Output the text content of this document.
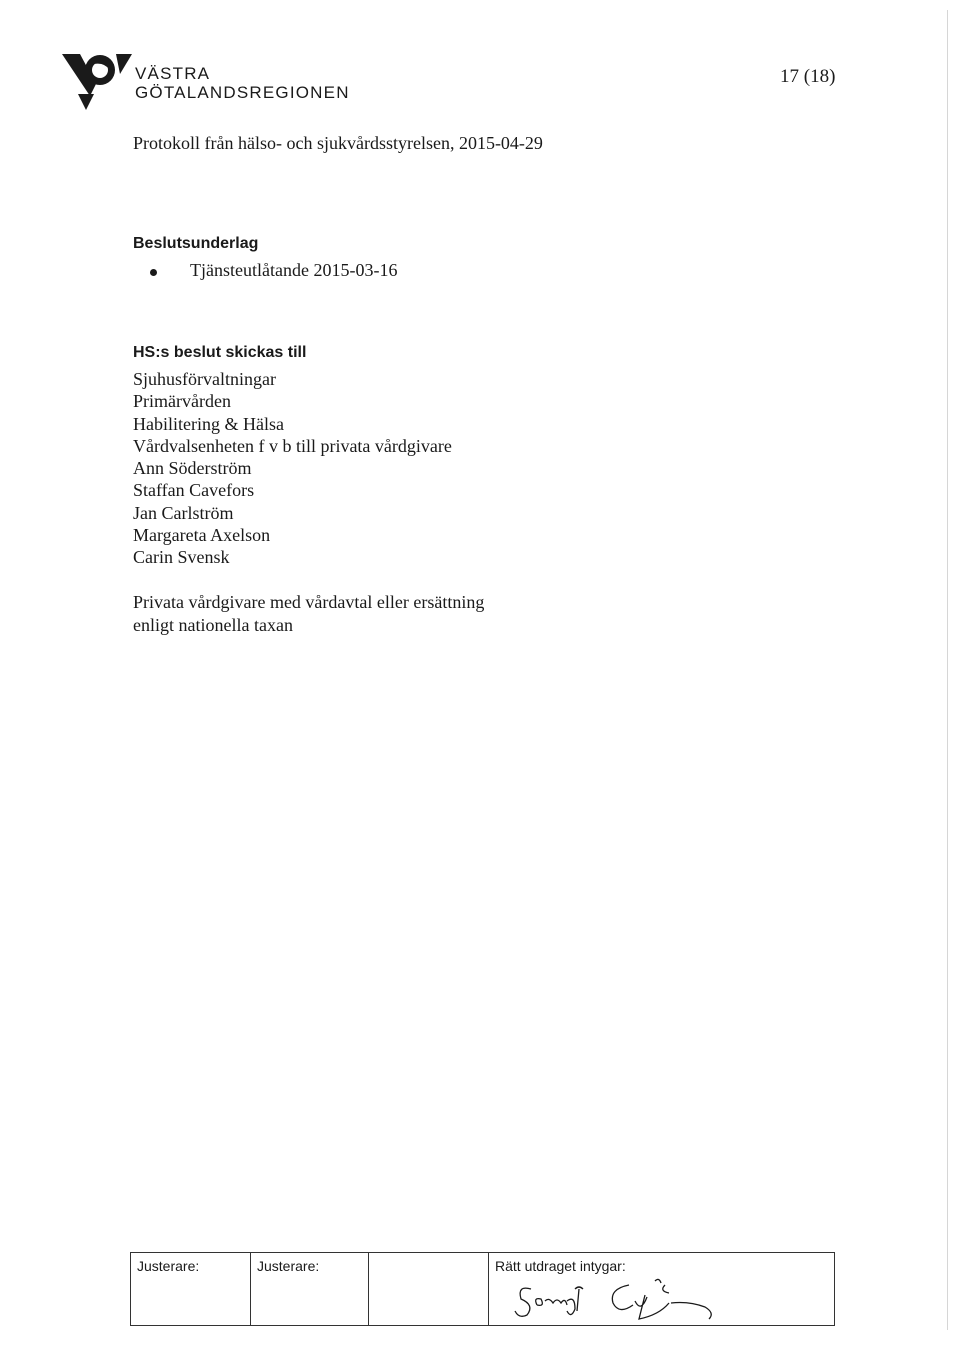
VÄSTRA
GÖTALANDSREGIONEN
17 (18)
Protokoll från hälso- och sjukvårdsstyrelsen, 2015-04-29
Beslutsunderlag
Tjänsteutlåtande 2015-03-16
HS:s beslut skickas till
Sjuhusförvaltningar
Primärvården
Habilitering & Hälsa
Vårdvalsenheten f v b till privata vårdgivare
Ann Söderström
Staffan Cavefors
Jan Carlström
Margareta Axelson
Carin Svensk
Privata vårdgivare med vårdavtal eller ersättning
enligt nationella taxan
Justerare:	Justerare:		Rätt utdraget intygar:
